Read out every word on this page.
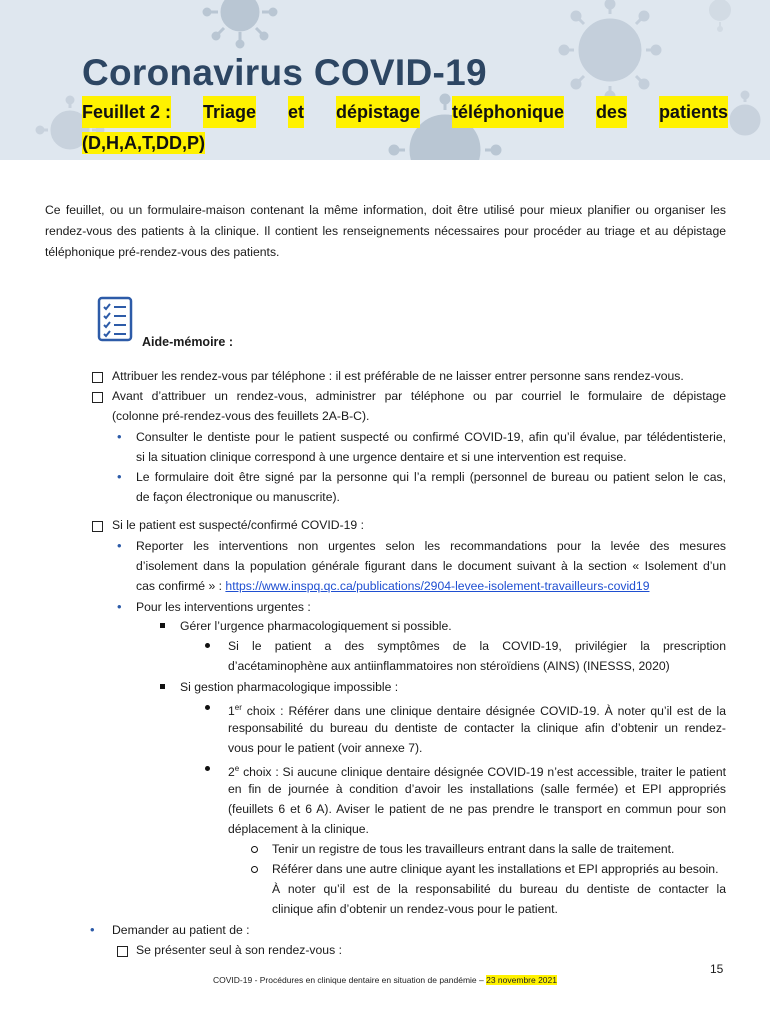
Coronavirus COVID-19
Feuillet 2 : Triage et dépistage téléphonique des patients
(D,H,A,T,DD,P)
Ce feuillet, ou un formulaire-maison contenant la même information, doit être utilisé pour mieux planifier ou organiser les rendez-vous des patients à la clinique. Il contient les renseignements nécessaires pour procéder au triage et au dépistage téléphonique pré-rendez-vous des patients.
Aide-mémoire :
Attribuer les rendez-vous par téléphone : il est préférable de ne laisser entrer personne sans rendez-vous.
Avant d’attribuer un rendez-vous, administrer par téléphone ou par courriel le formulaire de dépistage
(colonne pré-rendez-vous des feuillets 2A-B-C).
• Consulter le dentiste pour le patient suspecté ou confirmé COVID-19, afin qu’il évalue, par télédentisterie,
si la situation clinique correspond à une urgence dentaire et si une intervention est requise.
• Le formulaire doit être signé par la personne qui l’a rempli (personnel de bureau ou patient selon le cas,
de façon électronique ou manuscrite).
Si le patient est suspecté/confirmé COVID-19 :
• Reporter les interventions non urgentes selon les recommandations pour la levée des mesures
d’isolement dans la population générale figurant dans le document suivant à la section « Isolement d’un
cas confirmé » : https://www.inspq.qc.ca/publications/2904-levee-isolement-travailleurs-covid19
• Pour les interventions urgentes :
Gérer l’urgence pharmacologiquement si possible.
Si le patient a des symptômes de la COVID-19, privilégier la prescription
d’acétaminophène aux antiinflammatoires non stéroïdiens (AINS) (INESSS, 2020)
Si gestion pharmacologique impossible :
1er choix : Référer dans une clinique dentaire désignée COVID-19. À noter qu’il est de la
responsabilité du bureau du dentiste de contacter la clinique afin d’obtenir un rendez-
vous pour le patient (voir annexe 7).
2e choix : Si aucune clinique dentaire désignée COVID-19 n’est accessible, traiter le patient
en fin de journée à condition d’avoir les installations (salle fermée) et EPI appropriés
(feuillets 6 et 6 A). Aviser le patient de ne pas prendre le transport en commun pour son
déplacement à la clinique.
Tenir un registre de tous les travailleurs entrant dans la salle de traitement.
Référer dans une autre clinique ayant les installations et EPI appropriés au besoin.
À noter qu’il est de la responsabilité du bureau du dentiste de contacter la
clinique afin d’obtenir un rendez-vous pour le patient.
• Demander au patient de :
Se présenter seul à son rendez-vous :
15
COVID-19 - Procédures en clinique dentaire en situation de pandémie – 23 novembre 2021
